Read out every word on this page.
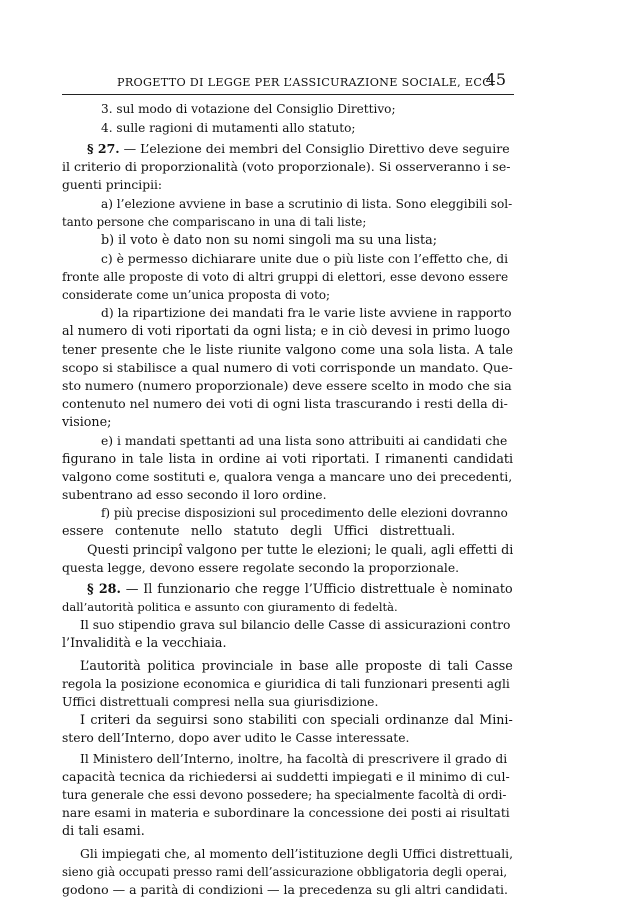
PROGETTO DI LEGGE PER L’ASSICURAZIONE SOCIALE, ECC.
45
3. sul modo di votazione del Consiglio Direttivo;
4. sulle ragioni di mutamenti allo statuto;
§ 27. — L’elezione dei membri del Consiglio Direttivo deve seguire
il criterio di proporzionalità (voto proporzionale). Si osserveranno i se-
guenti principii:
a) l’elezione avviene in base a scrutinio di lista. Sono eleggibili sol-
tanto persone che compariscano in una di tali liste;
b) il voto è dato non su nomi singoli ma su una lista;
c) è permesso dichiarare unite due o più liste con l’effetto che, di
fronte alle proposte di voto di altri gruppi di elettori, esse devono essere
considerate come un’unica proposta di voto;
d) la ripartizione dei mandati fra le varie liste avviene in rapporto
al numero di voti riportati da ogni lista; e in ciò devesi in primo luogo
tener presente che le liste riunite valgono come una sola lista. A tale
scopo si stabilisce a qual numero di voti corrisponde un mandato. Que-
sto numero (numero proporzionale) deve essere scelto in modo che sia
contenuto nel numero dei voti di ogni lista trascurando i resti della di-
visione;
e) i mandati spettanti ad una lista sono attribuiti ai candidati che
figurano in tale lista in ordine ai voti riportati. I rimanenti candidati
valgono come sostituti e, qualora venga a mancare uno dei precedenti,
subentrano ad esso secondo il loro ordine.
f) più precise disposizioni sul procedimento delle elezioni dovranno
essere contenute nello statuto degli Uffici distrettuali.
Questi principî valgono per tutte le elezioni; le quali, agli effetti di
questa legge, devono essere regolate secondo la proporzionale.
§ 28. — Il funzionario che regge l’Ufficio distrettuale è nominato
dall’autorità politica e assunto con giuramento di fedeltà.
Il suo stipendio grava sul bilancio delle Casse di assicurazioni contro
l’Invalidità e la vecchiaia.
L’autorità politica provinciale in base alle proposte di tali Casse
regola la posizione economica e giuridica di tali funzionari presenti agli
Uffici distrettuali compresi nella sua giurisdizione.
I criteri da seguirsi sono stabiliti con speciali ordinanze dal Mini-
stero dell’Interno, dopo aver udito le Casse interessate.
Il Ministero dell’Interno, inoltre, ha facoltà di prescrivere il grado di
capacità tecnica da richiedersi ai suddetti impiegati e il minimo di cul-
tura generale che essi devono possedere; ha specialmente facoltà di ordi-
nare esami in materia e subordinare la concessione dei posti ai risultati
di tali esami.
Gli impiegati che, al momento dell’istituzione degli Uffici distrettuali,
sieno già occupati presso rami dell’assicurazione obbligatoria degli operai,
godono — a parità di condizioni — la precedenza su gli altri candidati.
